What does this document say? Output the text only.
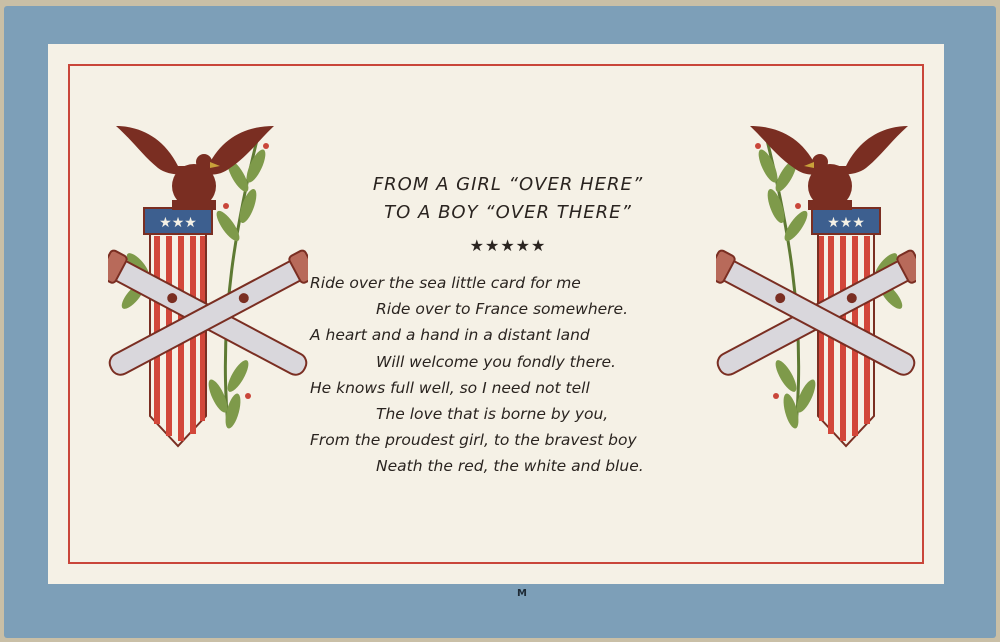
★★★	★★★
FROM A GIRL “OVER HERE”
TO A BOY “OVER THERE”
★★★★★
Ride over the sea little card for me
Ride over to France somewhere.
A heart and a hand in a distant land
Will welcome you fondly there.
He knows full well, so I need not tell
The love that is borne by you,
From the proudest girl, to the bravest boy
Neath the red, the white and blue.
M
